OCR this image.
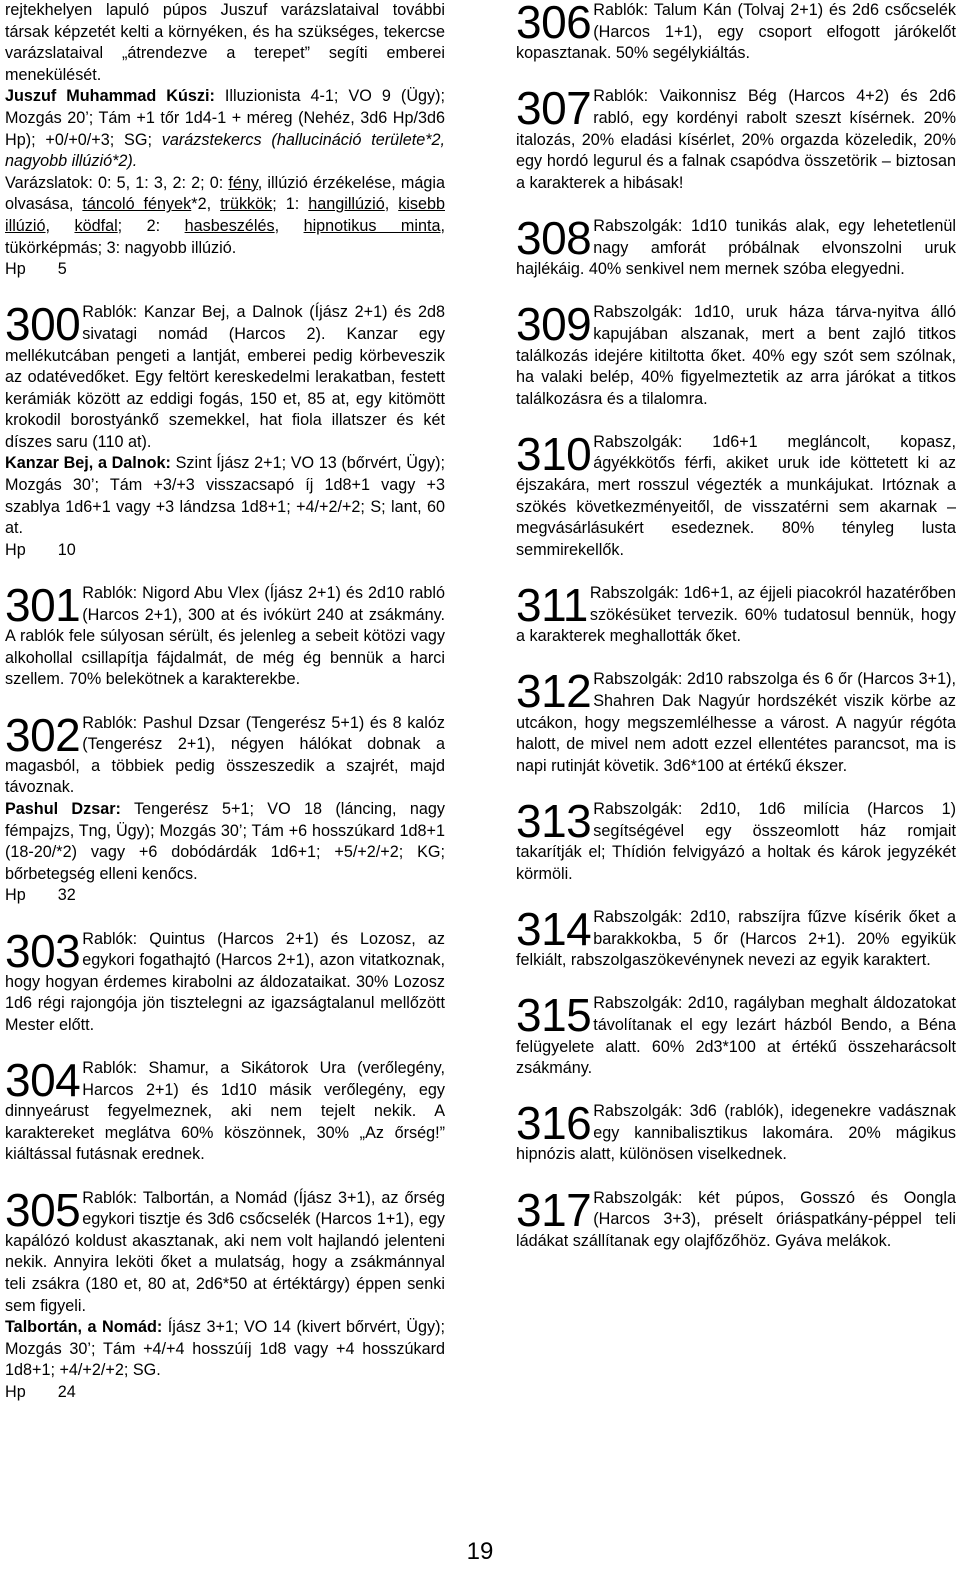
rejtekhelyen lapuló púpos Juszuf varázslataival további társak képzetét kelti a környéken, és ha szükséges, tekercse varázslataival „átrendezve a terepet” segíti emberei menekülését.

Juszuf Muhammad Kúszi: Illuzionista 4-1; VO 9 (Ügy); Mozgás 20’; Tám +1 tőr 1d4-1 + méreg (Nehéz, 3d6 Hp/3d6 Hp); +0/+0/+3; SG; varázstekercs (hallucináció területe*2, nagyobb illúzió*2).

Varázslatok: 0: 5, 1: 3, 2: 2; 0: fény, illúzió érzékelése, mágia olvasása, táncoló fények*2, trükkök; 1: hangillúzió, kisebb illúzió, ködfal; 2: hasbeszélés, hipnotikus minta, tükörképmás; 3: nagyobb illúzió.

Hp 5

300 Rablók: Kanzar Bej, a Dalnok (Íjász 2+1) és 2d8 sivatagi nomád (Harcos 2). Kanzar egy mellékutcában pengeti a lantját, emberei pedig körbeveszik az odatévedőket. Egy feltört kereskedelmi lerakatban, festett kerámiák között az eddigi fogás, 150 et, 85 at, egy kitömött krokodil borostyánkő szemekkel, hat fiola illatszer és két díszes saru (110 at).

Kanzar Bej, a Dalnok: Szint Íjász 2+1; VO 13 (bőrvért, Ügy); Mozgás 30’; Tám +3/+3 visszacsapó íj 1d8+1 vagy +3 szablya 1d6+1 vagy +3 lándzsa 1d8+1; +4/+2/+2; S; lant, 60 at.

Hp 10

301 Rablók: Nigord Abu Vlex (Íjász 2+1) és 2d10 rabló (Harcos 2+1), 300 at és ivókürt 240 at zsákmány. A rablók fele súlyosan sérült, és jelenleg a sebeit kötözi vagy alkohollal csillapítja fájdalmát, de még ég bennük a harci szellem. 70% belekötnek a karakterekbe.

302 Rablók: Pashul Dzsar (Tengerész 5+1) és 8 kalóz (Tengerész 2+1), négyen hálókat dobnak a magasból, a többiek pedig összeszedik a szajrét, majd távoznak.

Pashul Dzsar: Tengerész 5+1; VO 18 (láncing, nagy fémpajzs, Tng, Ügy); Mozgás 30’; Tám +6 hosszúkard 1d8+1 (18-20/*2) vagy +6 dobódárdák 1d6+1; +5/+2/+2; KG; bőrbetegség elleni kenőcs.

Hp 32

303 Rablók: Quintus (Harcos 2+1) és Lozosz, az egykori fogathajtó (Harcos 2+1), azon vitatkoznak, hogy hogyan érdemes kirabolni az áldozataikat. 30% Lozosz 1d6 régi rajongója jön tisztelegni az igazságtalanul mellőzött Mester előtt.

304 Rablók: Shamur, a Sikátorok Ura (verőlegény, Harcos 2+1) és 1d10 másik verőlegény, egy dinnyeárust fegyelmeznek, aki nem tejelt nekik. A karaktereket meglátva 60% köszönnek, 30% „Az őrség!” kiáltással futásnak erednek.

305 Rablók: Talbortán, a Nomád (Íjász 3+1), az őrség egykori tisztje és 3d6 csőcselék (Harcos 1+1), egy kapálózó koldust akasztanak, aki nem volt hajlandó jelenteni nekik. Annyira leköti őket a mulatság, hogy a zsákmánnyal teli zsákra (180 et, 80 at, 2d6*50 at értéktárgy) éppen senki sem figyeli.

Talbortán, a Nomád: Íjász 3+1; VO 14 (kivert bőrvért, Ügy); Mozgás 30’; Tám +4/+4 hosszúíj 1d8 vagy +4 hosszúkard 1d8+1; +4/+2/+2; SG.

Hp 24

306 Rablók: Talum Kán (Tolvaj 2+1) és 2d6 csőcselék (Harcos 1+1), egy csoport elfogott járókelőt kopasztanak. 50% segélykiáltás.

307 Rablók: Vaikonnisz Bég (Harcos 4+2) és 2d6 rabló, egy kordényi rabolt szeszt kísérnek. 20% italozás, 20% eladási kísérlet, 20% orgazda közeledik, 20% egy hordó legurul és a falnak csapódva összetörik – biztosan a karakterek a hibásak!

308 Rabszolgák: 1d10 tunikás alak, egy lehetetlenül nagy amforát próbálnak elvonszolni uruk hajlékáig. 40% senkivel nem mernek szóba elegyedni.

309 Rabszolgák: 1d10, uruk háza tárva-nyitva álló kapujában alszanak, mert a bent zajló titkos találkozás idejére kitiltotta őket. 40% egy szót sem szólnak, ha valaki belép, 40% figyelmeztetik az arra járókat a titkos találkozásra és a tilalomra.

310 Rabszolgák: 1d6+1 megláncolt, kopasz, ágyékkötős férfi, akiket uruk ide köttetett ki az éjszakára, mert rosszul végezték a munkájukat. Irtóznak a szökés következményeitől, de visszatérni sem akarnak – megvásárlásukért esedeznek. 80% tényleg lusta semmirekellők.

311 Rabszolgák: 1d6+1, az éjjeli piacokról hazatérőben szökésüket tervezik. 60% tudatosul bennük, hogy a karakterek meghallották őket.

312 Rabszolgák: 2d10 rabszolga és 6 őr (Harcos 3+1), Shahren Dak Nagyúr hordszékét viszik körbe az utcákon, hogy megszemlélhesse a várost. A nagyúr régóta halott, de mivel nem adott ezzel ellentétes parancsot, ma is napi rutinját követik. 3d6*100 at értékű ékszer.

313 Rabszolgák: 2d10, 1d6 milícia (Harcos 1) segítségével egy összeomlott ház romjait takarítják el; Thídión felvigyázó a holtak és károk jegyzékét körmöli.

314 Rabszolgák: 2d10, rabszíjra fűzve kísérik őket a barakkokba, 5 őr (Harcos 2+1). 20% egyikük felkiált, rabszolgaszökevénynek nevezi az egyik karaktert.

315 Rabszolgák: 2d10, ragályban meghalt áldozatokat távolítanak el egy lezárt házból Bendo, a Béna felügyelete alatt. 60% 2d3*100 at értékű összeharácsolt zsákmány.

316 Rabszolgák: 3d6 (rablók), idegenekre vadásznak egy kannibalisztikus lakomára. 20% mágikus hipnózis alatt, különösen viselkednek.

317 Rabszolgák: két púpos, Gosszó és Oongla (Harcos 3+3), préselt óriáspatkány-péppel teli ládákat szállítanak egy olajfőzőhöz. Gyáva melákok.

19
